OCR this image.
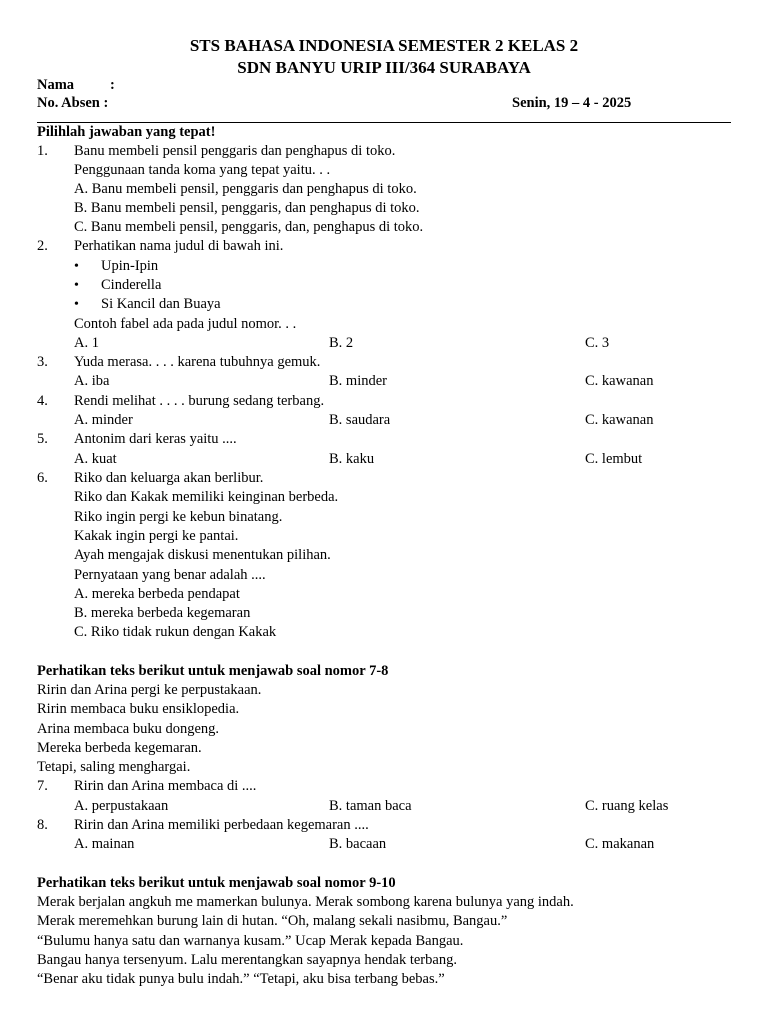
STS BAHASA INDONESIA SEMESTER 2 KELAS 2
SDN BANYU URIP III/364 SURABAYA
Nama :
No. Absen :	Senin, 19 – 4 - 2025
Pilihlah jawaban yang tepat!
1. Banu membeli pensil penggaris dan penghapus di toko.
Penggunaan tanda koma yang tepat yaitu. . .
A. Banu membeli pensil, penggaris dan penghapus di toko.
B. Banu membeli pensil, penggaris, dan penghapus di toko.
C. Banu membeli pensil, penggaris, dan, penghapus di toko.
2. Perhatikan nama judul di bawah ini.
• Upin-Ipin
• Cinderella
• Si Kancil dan Buaya
Contoh fabel ada pada judul nomor. . .
A. 1	B. 2	C. 3
3. Yuda merasa. . . . karena tubuhnya gemuk.
A. iba	B. minder	C. kawanan
4. Rendi melihat . . . . burung sedang terbang.
A. minder	B. saudara	C. kawanan
5. Antonim dari keras yaitu ....
A. kuat	B. kaku	C. lembut
6. Riko dan keluarga akan berlibur.
Riko dan Kakak memiliki keinginan berbeda.
Riko ingin pergi ke kebun binatang.
Kakak ingin pergi ke pantai.
Ayah mengajak diskusi menentukan pilihan.
Pernyataan yang benar adalah ....
A. mereka berbeda pendapat
B. mereka berbeda kegemaran
C. Riko tidak rukun dengan Kakak
Perhatikan teks berikut untuk menjawab soal nomor 7-8
Ririn dan Arina pergi ke perpustakaan.
Ririn membaca buku ensiklopedia.
Arina membaca buku dongeng.
Mereka berbeda kegemaran.
Tetapi, saling menghargai.
7. Ririn dan Arina membaca di ....
A. perpustakaan	B. taman baca	C. ruang kelas
8. Ririn dan Arina memiliki perbedaan kegemaran ....
A. mainan	B. bacaan	C. makanan
Perhatikan teks berikut untuk menjawab soal nomor 9-10
Merak berjalan angkuh me mamerkan bulunya. Merak sombong karena bulunya yang indah.
Merak meremehkan burung lain di hutan. “Oh, malang sekali nasibmu, Bangau.”
“Bulumu hanya satu dan warnanya kusam.” Ucap Merak kepada Bangau.
Bangau hanya tersenyum. Lalu merentangkan sayapnya hendak terbang.
“Benar aku tidak punya bulu indah.” “Tetapi, aku bisa terbang bebas.”
